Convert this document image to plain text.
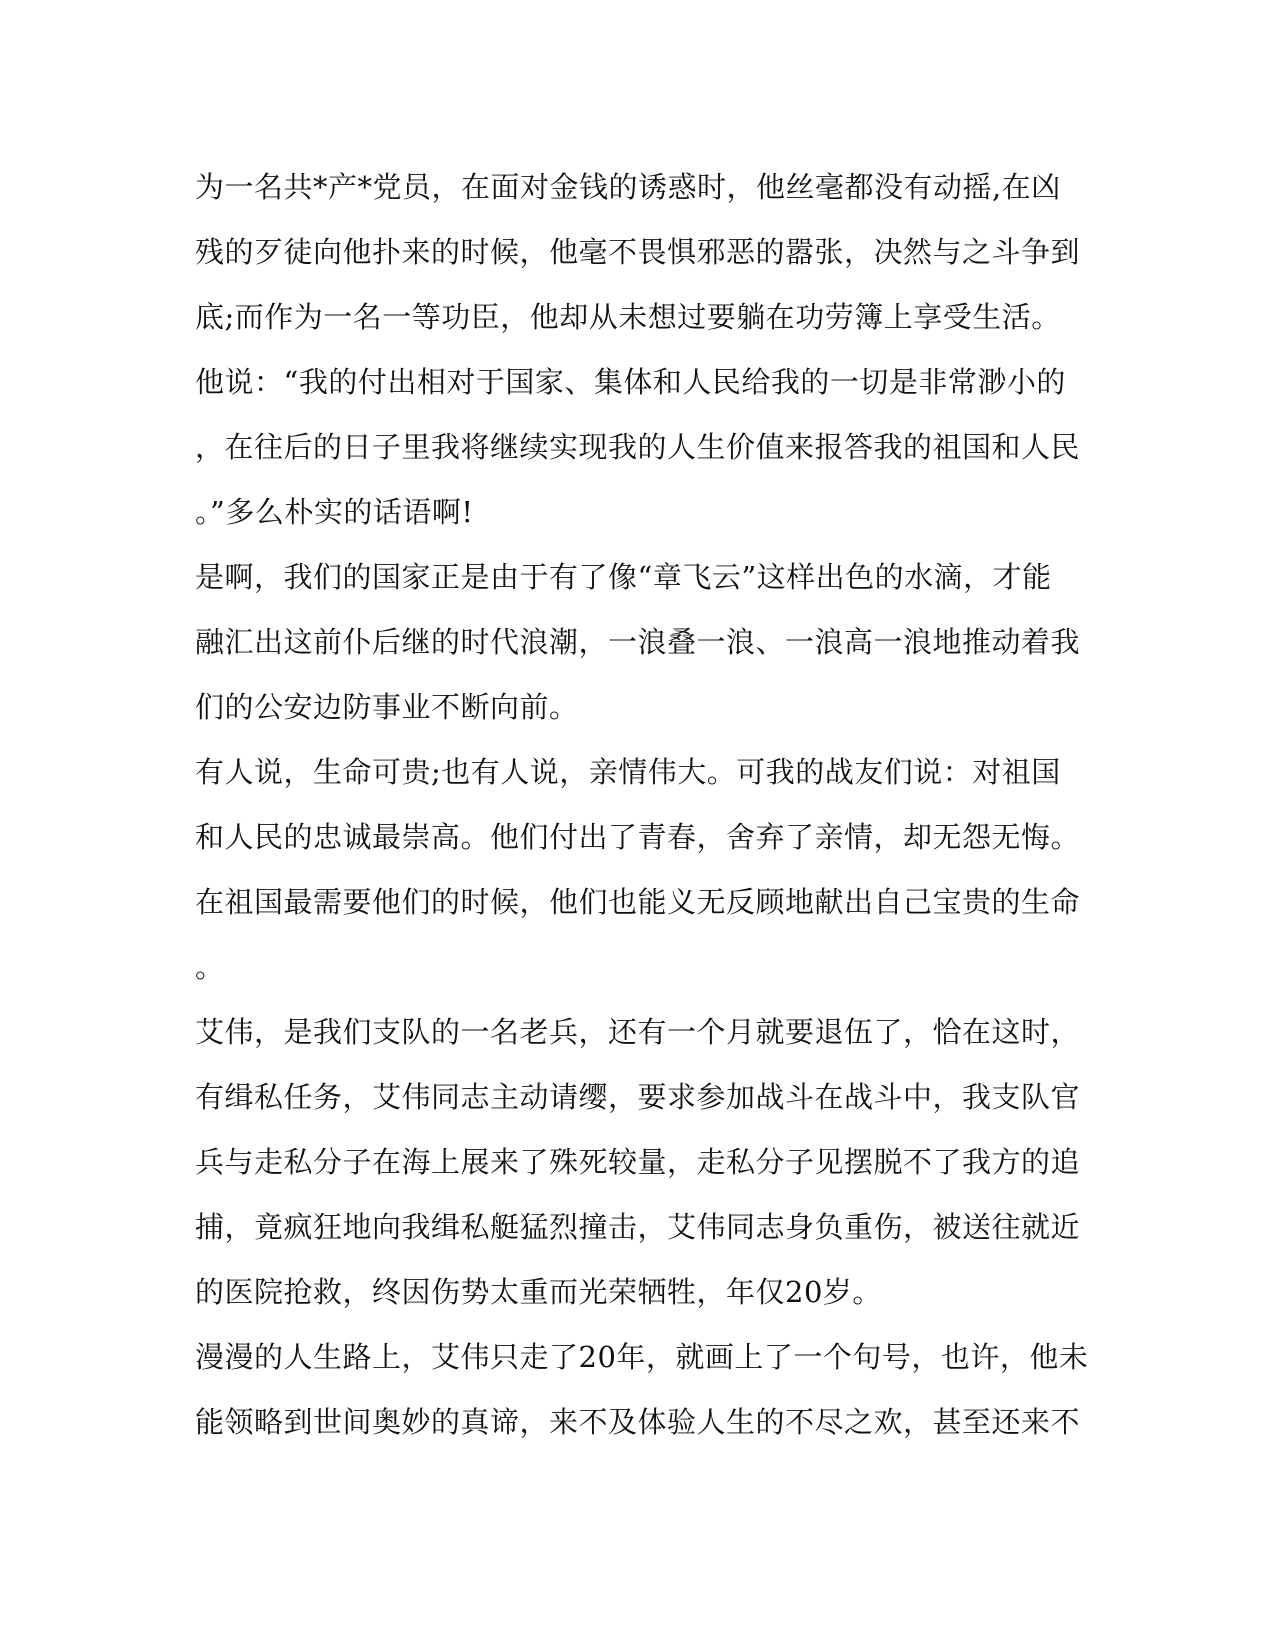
为一名共*产*党员，在面对金钱的诱惑时，他丝毫都没有动摇,在凶
残的歹徒向他扑来的时候，他毫不畏惧邪恶的嚣张，决然与之斗争到
底;而作为一名一等功臣，他却从未想过要躺在功劳簿上享受生活。
他说：“我的付出相对于国家、集体和人民给我的一切是非常渺小的
，在往后的日子里我将继续实现我的人生价值来报答我的祖国和人民
。”多么朴实的话语啊!
是啊，我们的国家正是由于有了像“章飞云”这样出色的水滴，才能
融汇出这前仆后继的时代浪潮，一浪叠一浪、一浪高一浪地推动着我
们的公安边防事业不断向前。
有人说，生命可贵;也有人说，亲情伟大。可我的战友们说：对祖国
和人民的忠诚最崇高。他们付出了青春，舍弃了亲情，却无怨无悔。
在祖国最需要他们的时候，他们也能义无反顾地献出自己宝贵的生命
。
艾伟，是我们支队的一名老兵，还有一个月就要退伍了，恰在这时，
有缉私任务，艾伟同志主动请缨，要求参加战斗在战斗中，我支队官
兵与走私分子在海上展来了殊死较量，走私分子见摆脱不了我方的追
捕，竟疯狂地向我缉私艇猛烈撞击，艾伟同志身负重伤，被送往就近
的医院抢救，终因伤势太重而光荣牺牲，年仅20岁。
漫漫的人生路上，艾伟只走了20年，就画上了一个句号，也许，他未
能领略到世间奥妙的真谛，来不及体验人生的不尽之欢，甚至还来不
